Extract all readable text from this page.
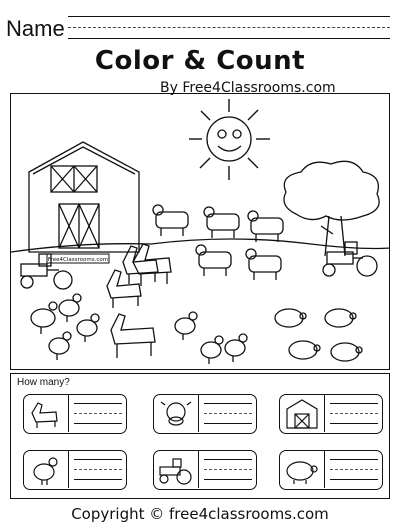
Name
Color & Count
By Free4Classrooms.com
Free4Classrooms.com
How many?
Copyright © free4classrooms.com
